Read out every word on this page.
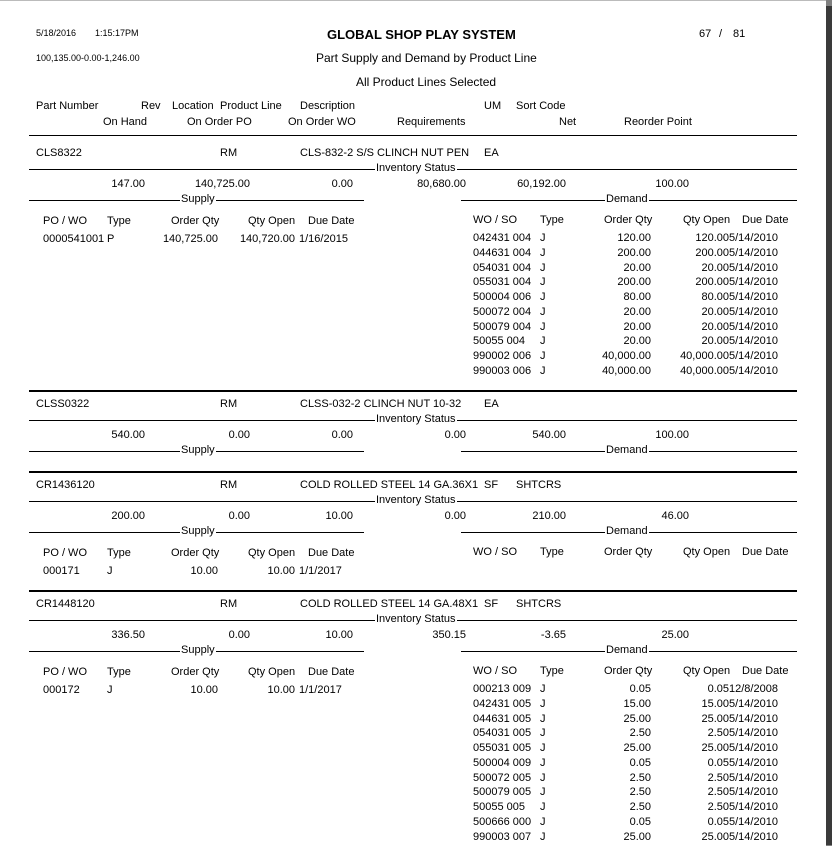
5/18/2016 1:15:17PM	GLOBAL SHOP PLAY SYSTEM	67 / 81
100,135.00-0.00-1,246.00	Part Supply and Demand by Product Line
All Product Lines Selected
Part Number	Rev Location Product Line Description	UM Sort Code
On Hand	On Order PO	On Order WO	Requirements	Net	Reorder Point
CLS8322	RM	CLS-832-2 S/S CLINCH NUT PEN EA
Inventory Status
147.00	140,725.00	0.00	80,680.00	60,192.00	100.00
Supply	Demand
PO / WO Type	Order Qty	Qty Open Due Date
0000541001 P	140,725.00 140,720.00 1/16/2015
WO / SO Type	Order Qty	Qty Open Due Date
042431 004 J	120.00	120.00 5/14/2010
044631 004 J	200.00	200.00 5/14/2010
054031 004 J	20.00	20.00 5/14/2010
055031 004 J	200.00	200.00 5/14/2010
500004 006 J	80.00	80.00 5/14/2010
500072 004 J	20.00	20.00 5/14/2010
500079 004 J	20.00	20.00 5/14/2010
50055 004 J	20.00	20.00 5/14/2010
990002 006 J	40,000.00	40,000.00 5/14/2010
990003 006 J	40,000.00	40,000.00 5/14/2010
CLSS0322	RM	CLSS-032-2 CLINCH NUT 10-32 EA
Inventory Status
540.00	0.00	0.00	0.00	540.00	100.00
Supply	Demand
CR1436120	RM	COLD ROLLED STEEL 14 GA.36X1 SF SHTCRS
Inventory Status
200.00	0.00	10.00	0.00	210.00	46.00
Supply	Demand
PO / WO Type	Order Qty	Qty Open Due Date
000171 J	10.00	10.00 1/1/2017
WO / SO Type	Order Qty	Qty Open Due Date
CR1448120	RM	COLD ROLLED STEEL 14 GA.48X1 SF SHTCRS
Inventory Status
336.50	0.00	10.00	350.15	-3.65	25.00
Supply	Demand
PO / WO Type	Order Qty	Qty Open Due Date
000172 J	10.00	10.00 1/1/2017
WO / SO Type	Order Qty	Qty Open Due Date
000213 009 J	0.05	0.05 12/8/2008
042431 005 J	15.00	15.00 5/14/2010
044631 005 J	25.00	25.00 5/14/2010
054031 005 J	2.50	2.50 5/14/2010
055031 005 J	25.00	25.00 5/14/2010
500004 009 J	0.05	0.05 5/14/2010
500072 005 J	2.50	2.50 5/14/2010
500079 005 J	2.50	2.50 5/14/2010
50055 005 J	2.50	2.50 5/14/2010
500666 000 J	0.05	0.05 5/14/2010
990003 007 J	25.00	25.00 5/14/2010
